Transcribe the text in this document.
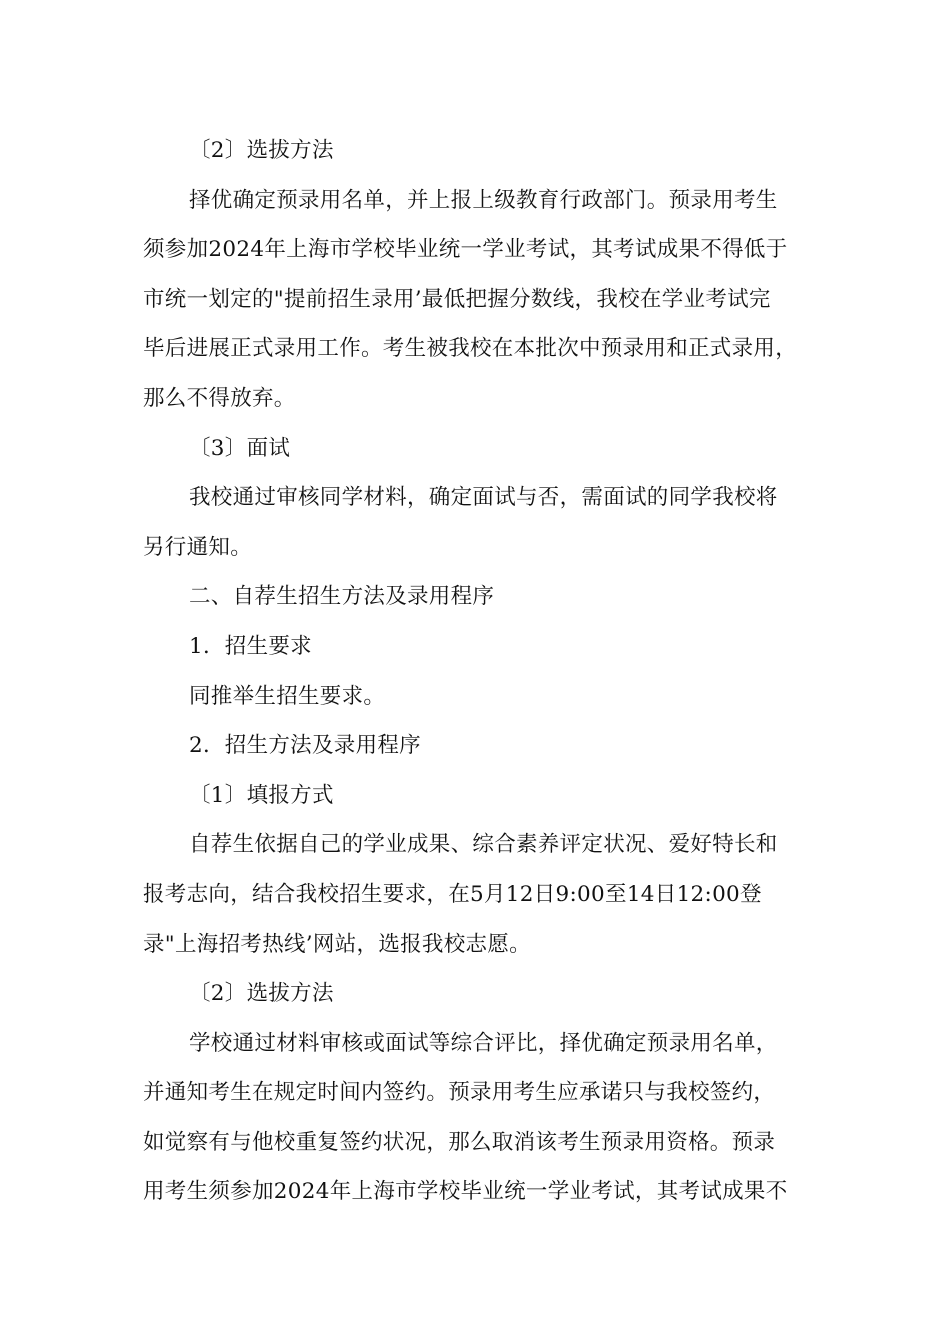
〔2〕选拔方法
择优确定预录用名单，并上报上级教育行政部门。预录用考生
须参加2024年上海市学校毕业统一学业考试，其考试成果不得低于
市统一划定的"提前招生录用’最低把握分数线，我校在学业考试完
毕后进展正式录用工作。考生被我校在本批次中预录用和正式录用，
那么不得放弃。
〔3〕面试
我校通过审核同学材料，确定面试与否，需面试的同学我校将
另行通知。
二、自荐生招生方法及录用程序
1．招生要求
同推举生招生要求。
2．招生方法及录用程序
〔1〕填报方式
自荐生依据自己的学业成果、综合素养评定状况、爱好特长和
报考志向，结合我校招生要求，在5月12日9:00至14日12:00登
录"上海招考热线’网站，选报我校志愿。
〔2〕选拔方法
学校通过材料审核或面试等综合评比，择优确定预录用名单，
并通知考生在规定时间内签约。预录用考生应承诺只与我校签约，
如觉察有与他校重复签约状况，那么取消该考生预录用资格。预录
用考生须参加2024年上海市学校毕业统一学业考试，其考试成果不
